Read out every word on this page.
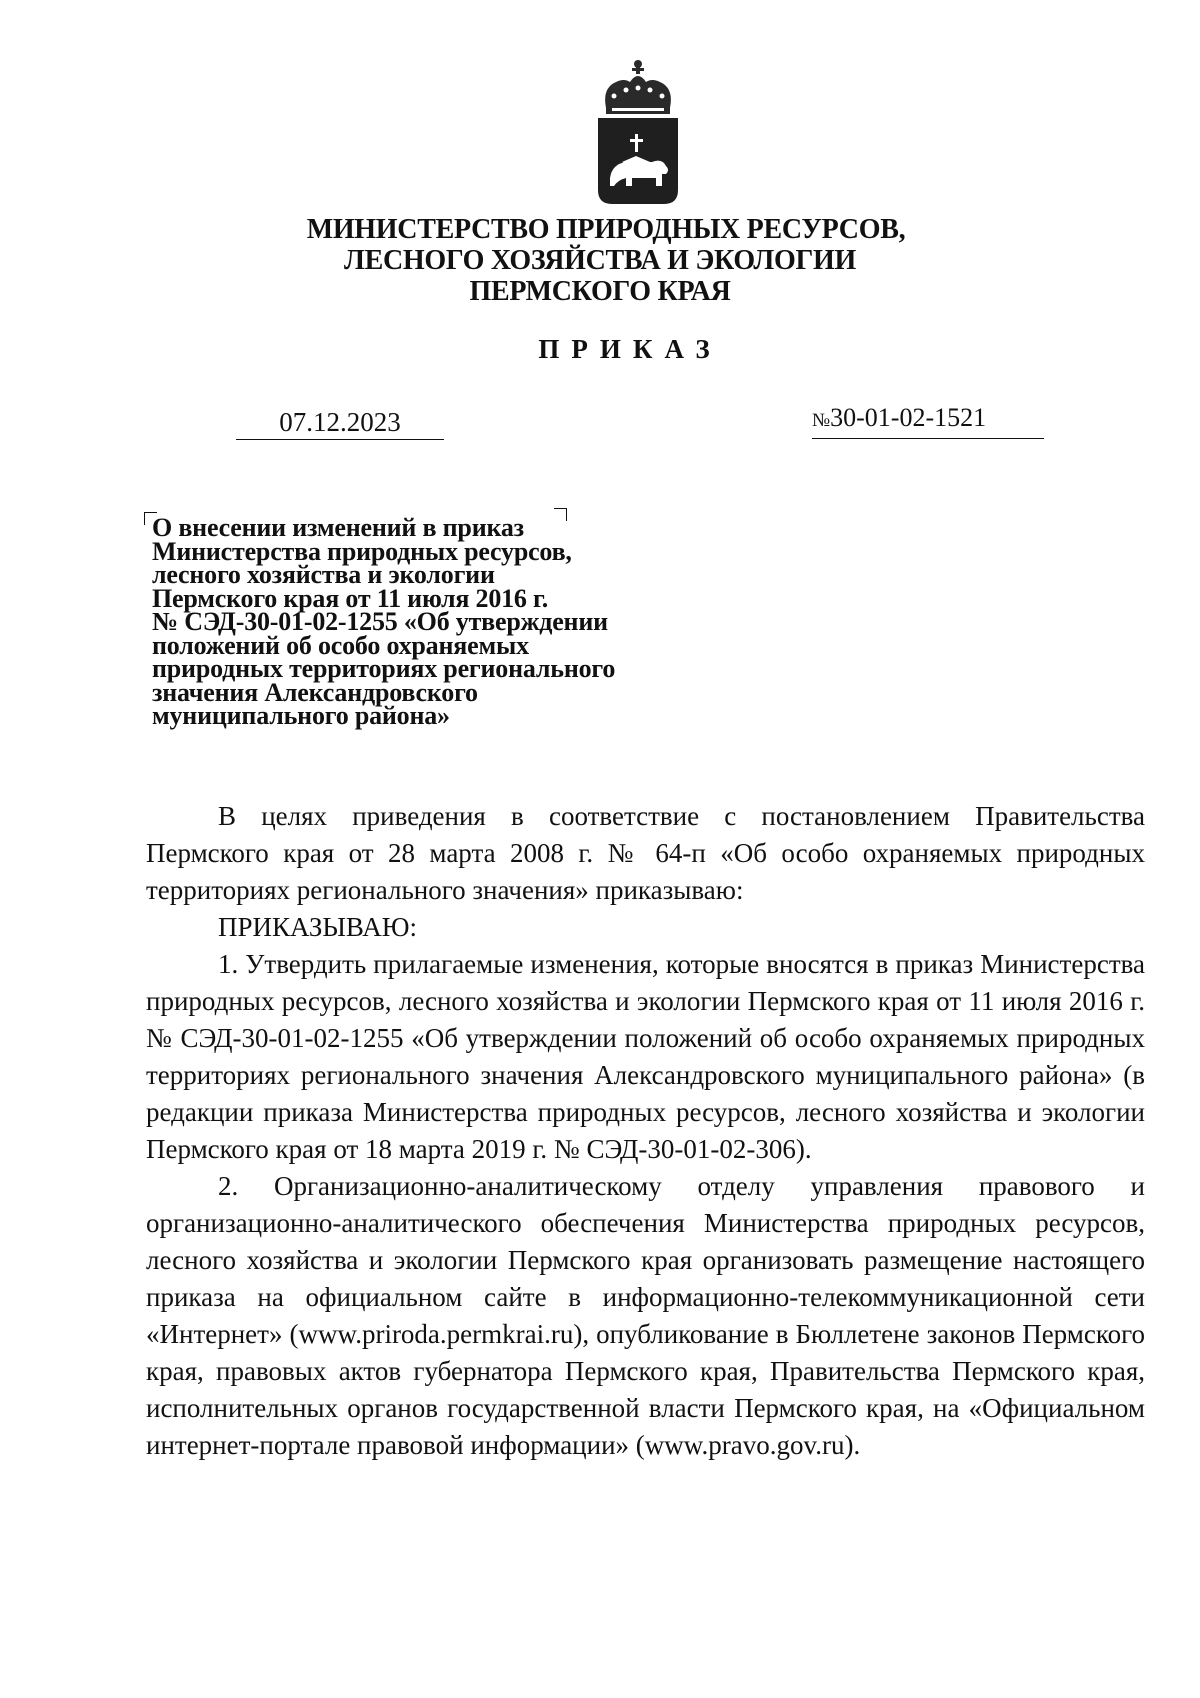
МИНИСТЕРСТВО ПРИРОДНЫХ РЕСУРСОВ,
ЛЕСНОГО ХОЗЯЙСТВА И ЭКОЛОГИИ
ПЕРМСКОГО КРАЯ
ПРИКАЗ
07.12.2023	№30-01-02-1521
О внесении изменений в приказ
Министерства природных ресурсов,
лесного хозяйства и экологии
Пермского края от 11 июля 2016 г.
№ СЭД-30-01-02-1255 «Об утверждении
положений об особо охраняемых
природных территориях регионального
значения Александровского
муниципального района»

В целях приведения в соответствие с постановлением Правительства Пермского края от 28 марта 2008 г. № 64-п «Об особо охраняемых природных территориях регионального значения» приказываю:

ПРИКАЗЫВАЮ:

1. Утвердить прилагаемые изменения, которые вносятся в приказ Министерства природных ресурсов, лесного хозяйства и экологии Пермского края от 11 июля 2016 г. № СЭД-30-01-02-1255 «Об утверждении положений об особо охраняемых природных территориях регионального значения Александровского муниципального района» (в редакции приказа Министерства природных ресурсов, лесного хозяйства и экологии Пермского края от 18 марта 2019 г. № СЭД-30-01-02-306).

2. Организационно-аналитическому отделу управления правового и организационно-аналитического обеспечения Министерства природных ресурсов, лесного хозяйства и экологии Пермского края организовать размещение настоящего приказа на официальном сайте в информационно-телекоммуникационной сети «Интернет» (www.priroda.permkrai.ru), опубликование в Бюллетене законов Пермского края, правовых актов губернатора Пермского края, Правительства Пермского края, исполнительных органов государственной власти Пермского края, на «Официальном интернет-портале правовой информации» (www.pravo.gov.ru).
